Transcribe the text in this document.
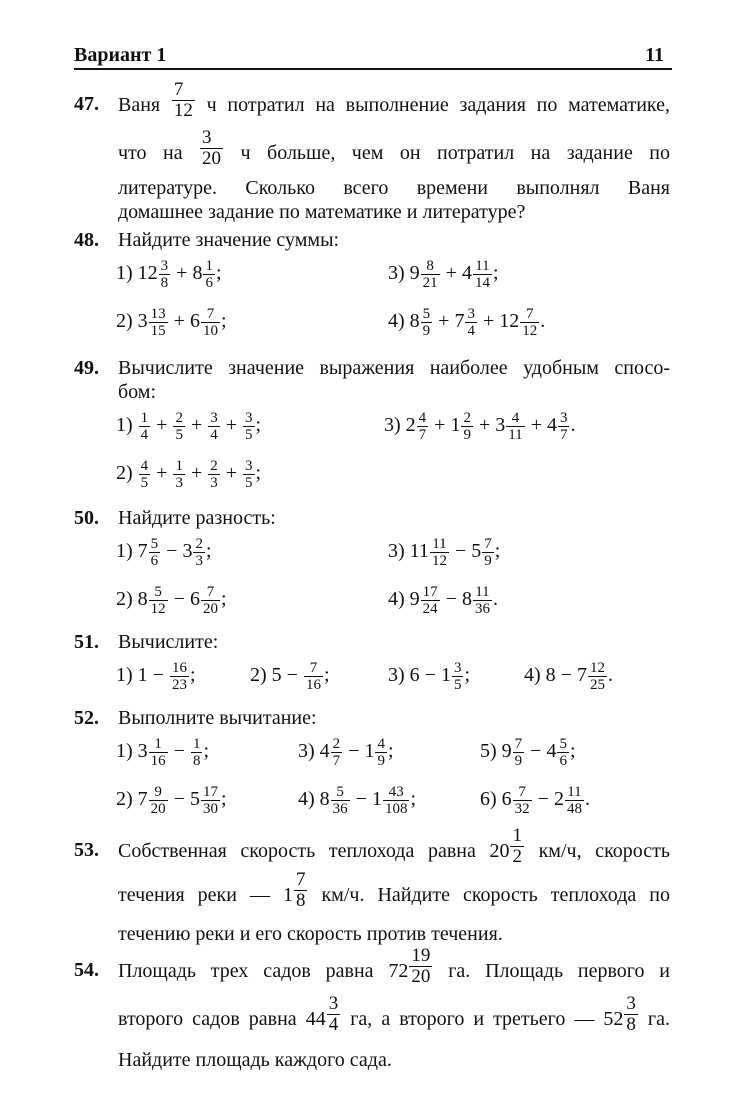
Вариант 1	11
47. Ваня $\frac{7}{12}$ ч потратил на выполнение задания по математике,
что на $\frac{3}{20}$ ч больше, чем он потратил на задание по
литературе. Сколько всего времени выполнял Ваня
домашнее задание по математике и литературе?
48. Найдите значение суммы:
1) $12 \frac{3}{8} + 8 \frac{1}{6}$ ;	3) $9 \frac{8}{21} + 4 \frac{11}{14}$ ;
2) $3 \frac{13}{15} + 6 \frac{7}{10}$ ;	4) $8 \frac{5}{9} + 7 \frac{3}{4} + 12 \frac{7}{12}$ .
49. Вычислите значение выражения наиболее удобным спосо-
бом:
$1) \frac{1}{4} + \frac{2}{5} + \frac{3}{4} + \frac{3}{5}$ ;	3) $2 \frac{4}{7} + 1 \frac{2}{9} + 3 \frac{4}{11} + 4 \frac{3}{7}$ .
$2) \frac{4}{5} + \frac{1}{3} + \frac{2}{3} + \frac{3}{5}$ ;
50. Найдите разность:
1) $7 \frac{5}{6} - 3 \frac{2}{3}$ ;	3) $11 \frac{11}{12} - 5 \frac{7}{9}$ ;
2) $8 \frac{5}{12} - 6 \frac{7}{20}$ ;	4) $9 \frac{17}{24} - 8 \frac{11}{36}$ .
51. Вычислите:
1) $1 - \frac{16}{23}$ ;	2) $5 - \frac{7}{16}$ ;	3) $6 - 1 \frac{3}{5}$ ;	4) $8 - 7 \frac{12}{25}$ .
52. Выполните вычитание:
1) $3 \frac{1}{16} - \frac{1}{8}$ ;	3) $4 \frac{2}{7} - 1 \frac{4}{9}$ ;	5) $9 \frac{7}{9} - 4 \frac{5}{6}$ ;
2) $7 \frac{9}{20} - 5 \frac{17}{30}$ ;	4) $8 \frac{5}{36} - 1 \frac{43}{108}$ ;	6) $6 \frac{7}{32} - 2 \frac{11}{48}$ .
53. Собственная скорость теплохода равна $20 \frac{1}{2} км/ч$, скорость
течения реки — $1 \frac{7}{8} км/ч$. Найдите скорость теплохода по
течению реки и его скорость против течения.
54. Площадь трех садов равна $72 \frac{19}{20}$ га. Площадь первого и
второго садов равна $44 \frac{3}{4}$ га, а второго и третьего — $52 \frac{3}{8}$ га.
Найдите площадь каждого сада.
